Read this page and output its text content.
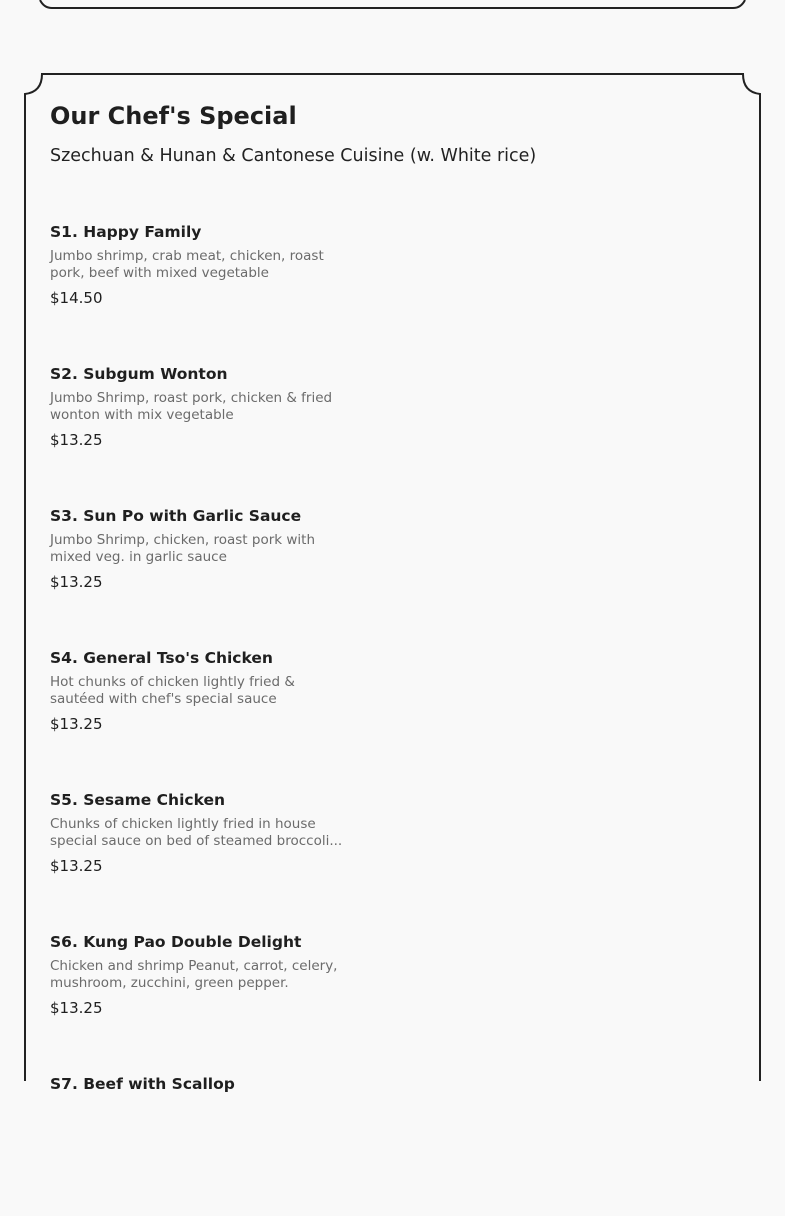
Our Chef's Special
Szechuan & Hunan & Cantonese Cuisine (w. White rice)
S1. Happy Family
Jumbo shrimp, crab meat, chicken, roast pork, beef with mixed vegetable
$14.50
S2. Subgum Wonton
Jumbo Shrimp, roast pork, chicken & fried wonton with mix vegetable
$13.25
S3. Sun Po with Garlic Sauce
Jumbo Shrimp, chicken, roast pork with mixed veg. in garlic sauce
$13.25
S4. General Tso's Chicken
Hot chunks of chicken lightly fried & sautéed with chef's special sauce
$13.25
S5. Sesame Chicken
Chunks of chicken lightly fried in house special sauce on bed of steamed broccoli...
$13.25
S6. Kung Pao Double Delight
Chicken and shrimp Peanut, carrot, celery, mushroom, zucchini, green pepper.
$13.25
S7. Beef with Scallop
